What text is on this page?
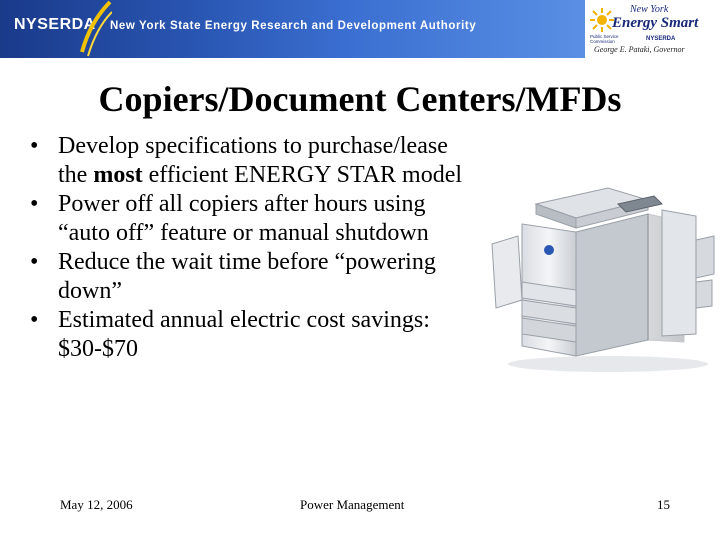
NYSERDA New York State Energy Research and Development Authority
New York
Energy Smart
Public Service Commission	NYSERDA
George E. Pataki, Governor
Copiers/Document Centers/MFDs
• Develop specifications to purchase/lease the most efficient ENERGY STAR model
• Power off all copiers after hours using “auto off” feature or manual shutdown
• Reduce the wait time before “powering down”
• Estimated annual electric cost savings: $30-$70
May 12, 2006	Power Management	15
